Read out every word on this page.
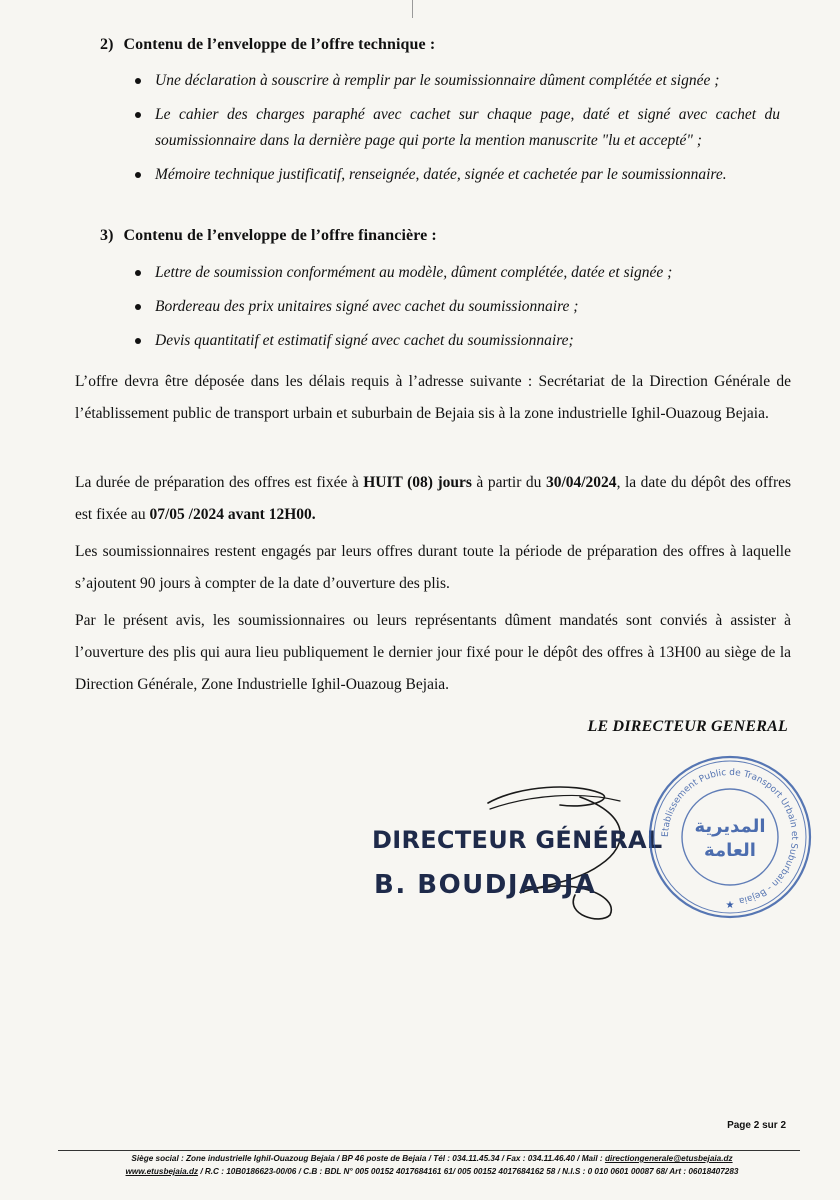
2) Contenu de l’enveloppe de l’offre technique :
Une déclaration à souscrire à remplir par le soumissionnaire dûment complétée et signée ;
Le cahier des charges paraphé avec cachet sur chaque page, daté et signé avec cachet du soumissionnaire dans la dernière page qui porte la mention manuscrite "lu et accepté" ;
Mémoire technique justificatif, renseignée, datée, signée et cachetée par le soumissionnaire.
3) Contenu de l’enveloppe de l’offre financière :
Lettre de soumission conformément au modèle, dûment complétée, datée et signée ;
Bordereau des prix unitaires signé avec cachet du soumissionnaire ;
Devis quantitatif et estimatif signé avec cachet du soumissionnaire;
L’offre devra être déposée dans les délais requis à l’adresse suivante : Secrétariat de la Direction Générale de l’établissement public de transport urbain et suburbain de Bejaia sis à la zone industrielle Ighil-Ouazoug Bejaia.
La durée de préparation des offres est fixée à HUIT (08) jours à partir du 30/04/2024, la date du dépôt des offres est fixée au 07/05 /2024 avant 12H00.
Les soumissionnaires restent engagés par leurs offres durant toute la période de préparation des offres à laquelle s’ajoutent 90 jours à compter de la date d’ouverture des plis.
Par le présent avis, les soumissionnaires ou leurs représentants dûment mandatés sont conviés à assister à l’ouverture des plis qui aura lieu publiquement le dernier jour fixé pour le dépôt des offres à 13H00 au siège de la Direction Générale, Zone Industrielle Ighil-Ouazoug Bejaia.
LE DIRECTEUR GENERAL
DIRECTEUR GÉNÉRAL
B. BOUDJADJA
Etablissement Public de Transport Urbain et Suburbain - Bejaia
المديرية
العامة
★
Page 2 sur 2
Siège social : Zone industrielle Ighil-Ouazoug Bejaia / BP 46 poste de Bejaia / Tél : 034.11.45.34 / Fax : 034.11.46.40 / Mail : directiongenerale@etusbejaia.dz
www.etusbejaia.dz / R.C : 10B0186623-00/06 / C.B : BDL N° 005 00152 4017684161 61/ 005 00152 4017684162 58 / N.I.S : 0 010 0601 00087 68/ Art : 06018407283
